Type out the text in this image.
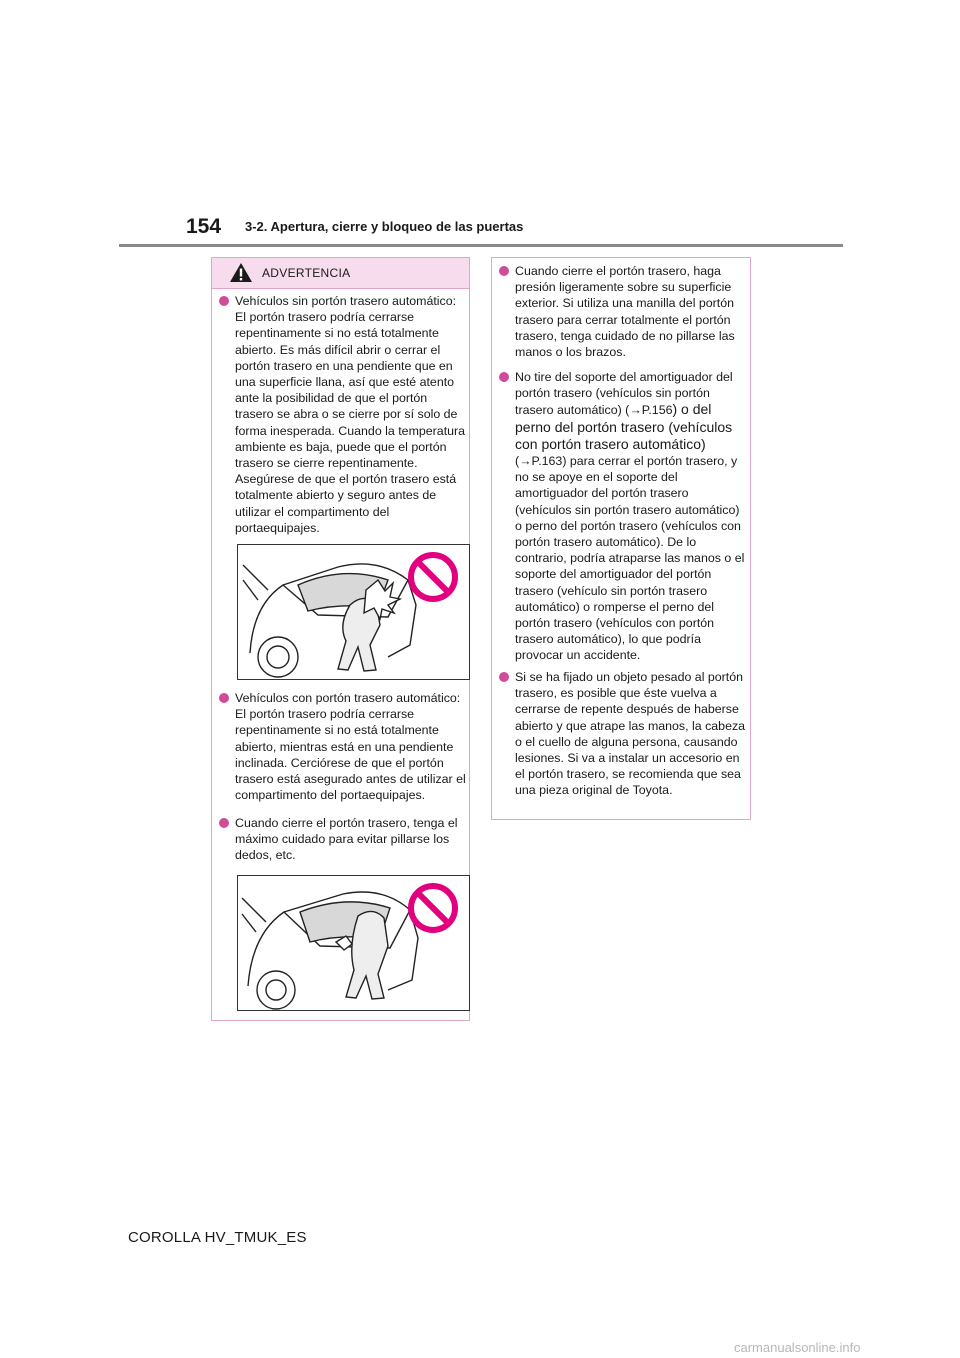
154 3-2. Apertura, cierre y bloqueo de las puertas
ADVERTENCIA
Vehículos sin portón trasero automático: El portón trasero podría cerrarse repentinamente si no está totalmente abierto. Es más difícil abrir o cerrar el portón trasero en una pendiente que en una superficie llana, así que esté atento ante la posibilidad de que el portón trasero se abra o se cierre por sí solo de forma inesperada. Cuando la temperatura ambiente es baja, puede que el portón trasero se cierre repentinamente. Asegúrese de que el portón trasero está totalmente abierto y seguro antes de utilizar el compartimento del portaequipajes.
Vehículos con portón trasero automático: El portón trasero podría cerrarse repentinamente si no está totalmente abierto, mientras está en una pendiente inclinada. Cerciórese de que el portón trasero está asegurado antes de utilizar el compartimento del portaequipajes.
Cuando cierre el portón trasero, tenga el máximo cuidado para evitar pillarse los dedos, etc.
Cuando cierre el portón trasero, haga presión ligeramente sobre su superficie exterior. Si utiliza una manilla del portón trasero para cerrar totalmente el portón trasero, tenga cuidado de no pillarse las manos o los brazos.
No tire del soporte del amortiguador del portón trasero (vehículos sin portón trasero automático) (→P.156) o del perno del portón trasero (vehículos con portón trasero automático)
(→P.163) para cerrar el portón trasero, y no se apoye en el soporte del amortiguador del portón trasero (vehículos sin portón trasero automático) o perno del portón trasero (vehículos con portón trasero automático). De lo contrario, podría atraparse las manos o el soporte del amortiguador del portón trasero (vehículo sin portón trasero automático) o romperse el perno del portón trasero (vehículos con portón trasero automático), lo que podría provocar un accidente.
Si se ha fijado un objeto pesado al portón trasero, es posible que éste vuelva a cerrarse de repente después de haberse abierto y que atrape las manos, la cabeza o el cuello de alguna persona, causando lesiones. Si va a instalar un accesorio en el portón trasero, se recomienda que sea una pieza original de Toyota.
COROLLA HV_TMUK_ES
carmanualsonline.info
